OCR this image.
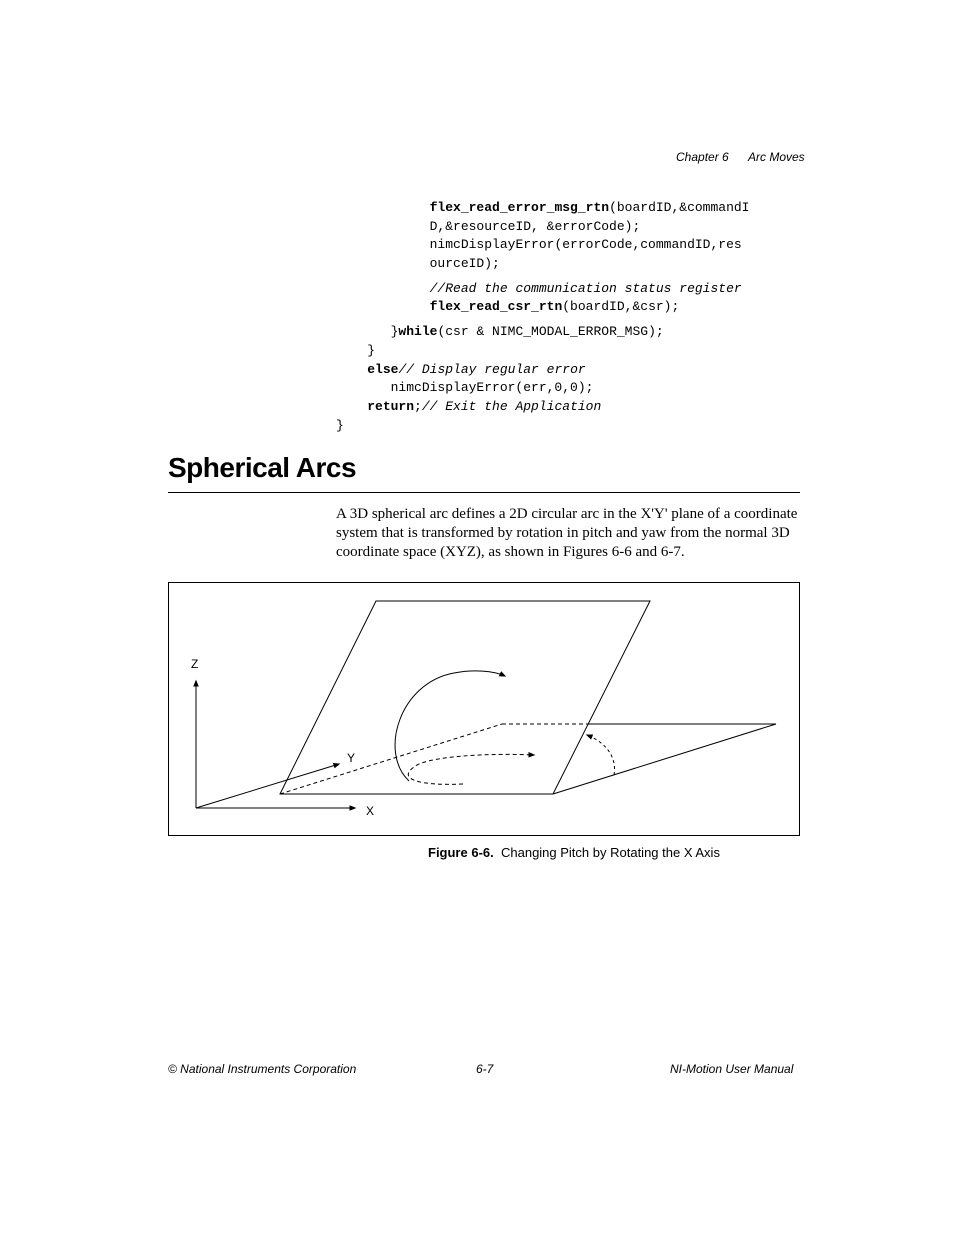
Chapter 6 Arc Moves
flex_read_error_msg_rtn(boardID,&commandI
D,&resourceID, &errorCode);
nimcDisplayError(errorCode,commandID,res
ourceID);
//Read the communication status register
flex_read_csr_rtn(boardID,&csr);
}while(csr & NIMC_MODAL_ERROR_MSG);
}
else// Display regular error
nimcDisplayError(err,0,0);
return;// Exit the Application
}
Spherical Arcs
A 3D spherical arc defines a 2D circular arc in the X'Y' plane of a coordinate system that is transformed by rotation in pitch and yaw from the normal 3D coordinate space (XYZ), as shown in Figures 6-6 and 6-7.
Z
Y
X
Figure 6-6. Changing Pitch by Rotating the X Axis
© National Instruments Corporation	6-7	NI-Motion User Manual
